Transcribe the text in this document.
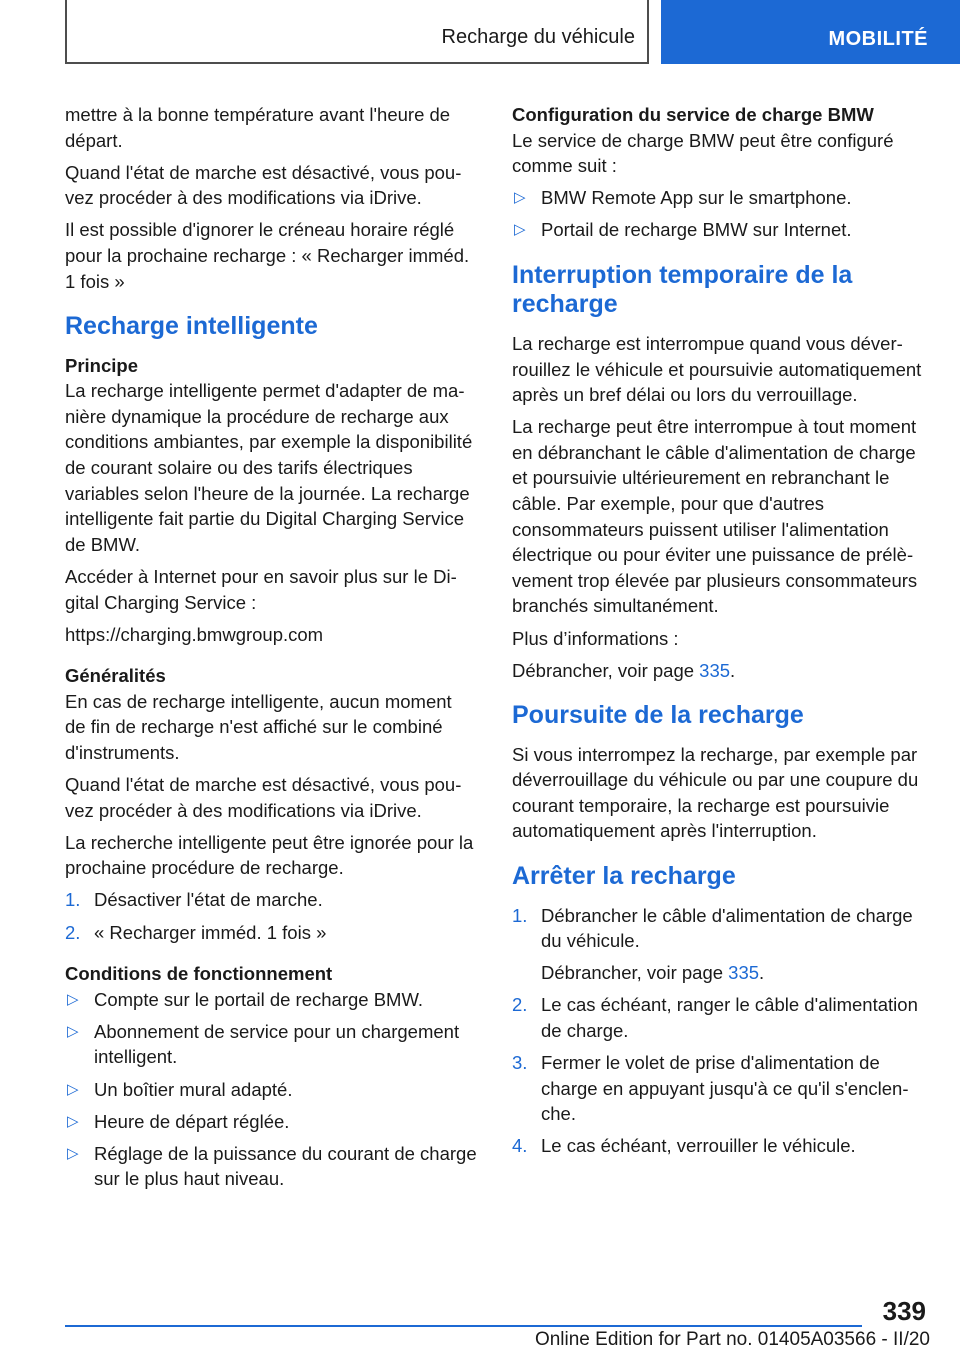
Recharge du véhicule	MOBILITÉ

mettre à la bonne température avant l'heure de départ.

Quand l'état de marche est désactivé, vous pouvez procéder à des modifications via iDrive.

Il est possible d'ignorer le créneau horaire réglé pour la prochaine recharge : « Recharger imméd. 1 fois »

Recharge intelligente
Principe

La recharge intelligente permet d'adapter de manière dynamique la procédure de recharge aux conditions ambiantes, par exemple la disponibilité de courant solaire ou des tarifs électriques variables selon l'heure de la journée. La recharge intelligente fait partie du Digital Charging Service de BMW.

Accéder à Internet pour en savoir plus sur le Digital Charging Service :

https://charging.bmwgroup.com

Généralités

En cas de recharge intelligente, aucun moment de fin de recharge n'est affiché sur le combiné d'instruments.

Quand l'état de marche est désactivé, vous pouvez procéder à des modifications via iDrive.

La recherche intelligente peut être ignorée pour la prochaine procédure de recharge.

1. Désactiver l'état de marche.
2. « Recharger imméd. 1 fois »
Conditions de fonctionnement
▷ Compte sur le portail de recharge BMW.
▷ Abonnement de service pour un chargement intelligent.
▷ Un boîtier mural adapté.
▷ Heure de départ réglée.
▷ Réglage de la puissance du courant de charge sur le plus haut niveau.
Configuration du service de charge BMW

Le service de charge BMW peut être configuré comme suit :

▷ BMW Remote App sur le smartphone.
▷ Portail de recharge BMW sur Internet.
Interruption temporaire de la recharge

La recharge est interrompue quand vous déverrouillez le véhicule et poursuivie automatiquement après un bref délai ou lors du verrouillage.

La recharge peut être interrompue à tout moment en débranchant le câble d'alimentation de charge et poursuivie ultérieurement en rebranchant le câble. Par exemple, pour que d'autres consommateurs puissent utiliser l'alimentation électrique ou pour éviter une puissance de prélèvement trop élevée par plusieurs consommateurs branchés simultanément.

Plus d’informations :

Débrancher, voir page 335.

Poursuite de la recharge

Si vous interrompez la recharge, par exemple par déverrouillage du véhicule ou par une coupure du courant temporaire, la recharge est poursuivie automatiquement après l'interruption.

Arrêter la recharge
1. Débrancher le câble d'alimentation de charge du véhicule.

Débrancher, voir page 335.

2. Le cas échéant, ranger le câble d'alimentation de charge.
3. Fermer le volet de prise d'alimentation de charge en appuyant jusqu'à ce qu'il s'enclenche.
4. Le cas échéant, verrouiller le véhicule.
339
Online Edition for Part no. 01405A03566 - II/20
